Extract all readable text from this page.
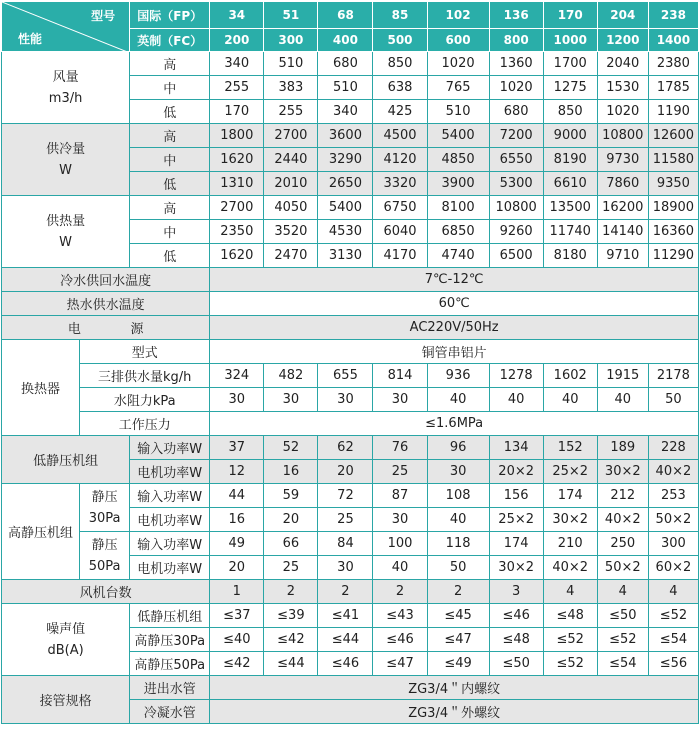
型号
性能		国际（FP）	34	51	68	85	102	136	170	204	238
		英制（FC）	200	300	400	500	600	800	1000	1200	1400
风量
m3/h		高	340	510	680	850	1020	1360	1700	2040	2380
		中	255	383	510	638	765	1020	1275	1530	1785
		低	170	255	340	425	510	680	850	1020	1190
供冷量
W		高	1800	2700	3600	4500	5400	7200	9000	10800	12600
		中	1620	2440	3290	4120	4850	6550	8190	9730	11580
		低	1310	2010	2650	3320	3900	5300	6610	7860	9350
供热量
W		高	2700	4050	5400	6750	8100	10800	13500	16200	18900
		中	2350	3520	4530	6040	6850	9260	11740	14140	16360
		低	1620	2470	3130	4170	4740	6500	8180	9710	11290
冷水供回水温度			7℃-12℃								
热水供水温度			60℃								
电 源			AC220V/50Hz								
换热器	型式		铜管串铝片								
	三排供水量kg/h		324	482	655	814	936	1278	1602	1915	2178
	水阻力kPa		30	30	30	30	40	40	40	40	50
	工作压力		≤1.6MPa								
低静压机组		输入功率W	37	52	62	76	96	134	152	189	228
		电机功率W	12	16	20	25	30	20×2	25×2	30×2	40×2
高静压机组	静压
30Pa	输入功率W	44	59	72	87	108	156	174	212	253
		电机功率W	16	20	25	30	40	25×2	30×2	40×2	50×2
	静压
50Pa	输入功率W	49	66	84	100	118	174	210	250	300
		电机功率W	20	25	30	40	50	30×2	40×2	50×2	60×2
风机台数			1	2	2	2	2	3	4	4	4
噪声值
dB(A)		低静压机组	≤37	≤39	≤41	≤43	≤45	≤46	≤48	≤50	≤52
		高静压30Pa	≤40	≤42	≤44	≤46	≤47	≤48	≤52	≤52	≤54
		高静压50Pa	≤42	≤44	≤46	≤47	≤49	≤50	≤52	≤54	≤56
接管规格		进出水管	ZG3/4＂内螺纹								
		冷凝水管	ZG3/4＂外螺纹								
